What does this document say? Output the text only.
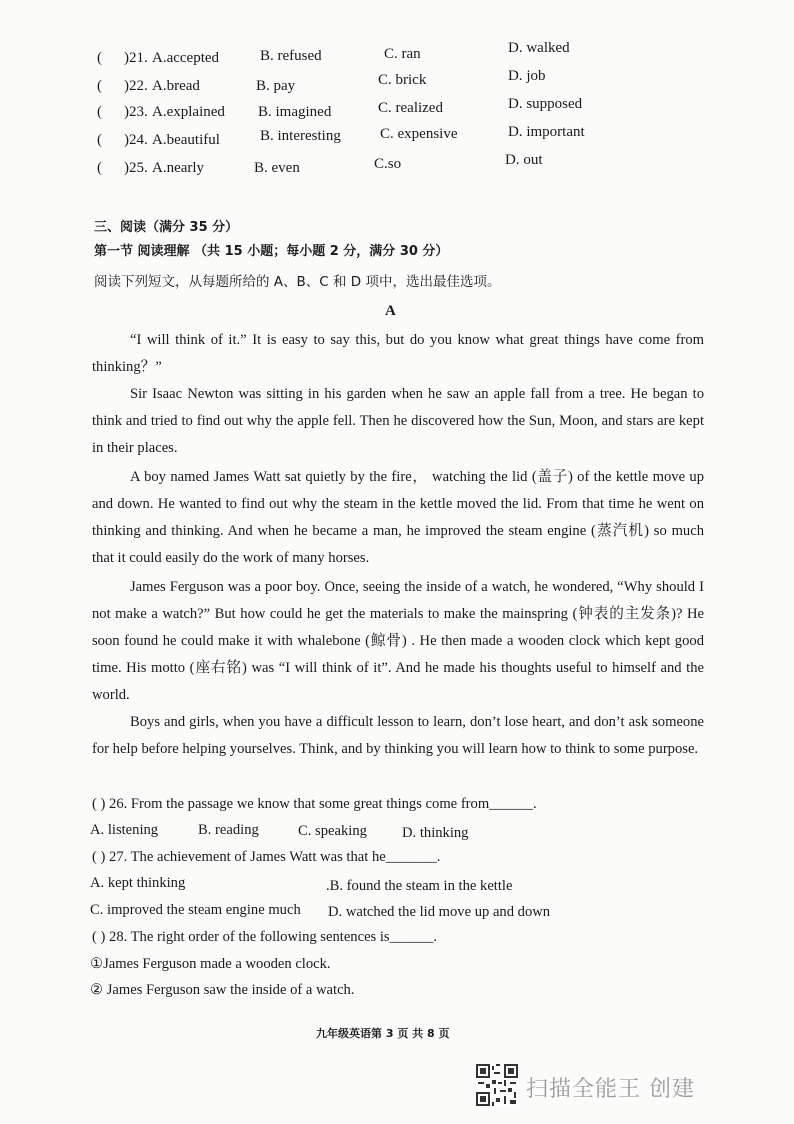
( )21. A.accepted	B. refused	C. ran	D. walked
( )22. A.bread	B. pay	C. brick	D. job
( )23. A.explained B. imagined	C. realized	D. supposed
( )24. A.beautiful	B. interesting	C. expensive	D. important
( )25. A.nearly	B. even	C.so	D. out
三、阅读（满分 35 分）
第一节 阅读理解 （共 15 小题；每小题 2 分，满分 30 分）
阅读下列短文，从每题所给的 A、B、C 和 D 项中，选出最佳选项。
A

“I will think of it.” It is easy to say this, but do you know what great things have come from thinking？”

Sir Isaac Newton was sitting in his garden when he saw an apple fall from a tree. He began to think and tried to find out why the apple fell. Then he discovered how the Sun, Moon, and stars are kept in their places.

A boy named James Watt sat quietly by the fire， watching the lid (盖子) of the kettle move up and down. He wanted to find out why the steam in the kettle moved the lid. From that time he went on thinking and thinking. And when he became a man, he improved the steam engine (蒸汽机) so much that it could easily do the work of many horses.

James Ferguson was a poor boy. Once, seeing the inside of a watch, he wondered, “Why should I not make a watch?” But how could he get the materials to make the mainspring (钟表的主发条)? He soon found he could make it with whalebone (鲸骨) . He then made a wooden clock which kept good time. His motto (座右铭) was “I will think of it”. And he made his thoughts useful to himself and the world.

Boys and girls, when you have a difficult lesson to learn, don’t lose heart, and don’t ask someone for help before helping yourselves. Think, and by thinking you will learn how to think to some purpose.

( ) 26. From the passage we know that some great things come from______.
A. listening	B. reading	C. speaking D. thinking
( ) 27. The achievement of James Watt was that he_______.
A. kept thinking	.B. found the steam in the kettle
C. improved the steam engine much D. watched the lid move up and down
( ) 28. The right order of the following sentences is______.
①James Ferguson made a wooden clock.
② James Ferguson saw the inside of a watch.
九年级英语第 3 页 共 8 页
扫描全能王 创建
